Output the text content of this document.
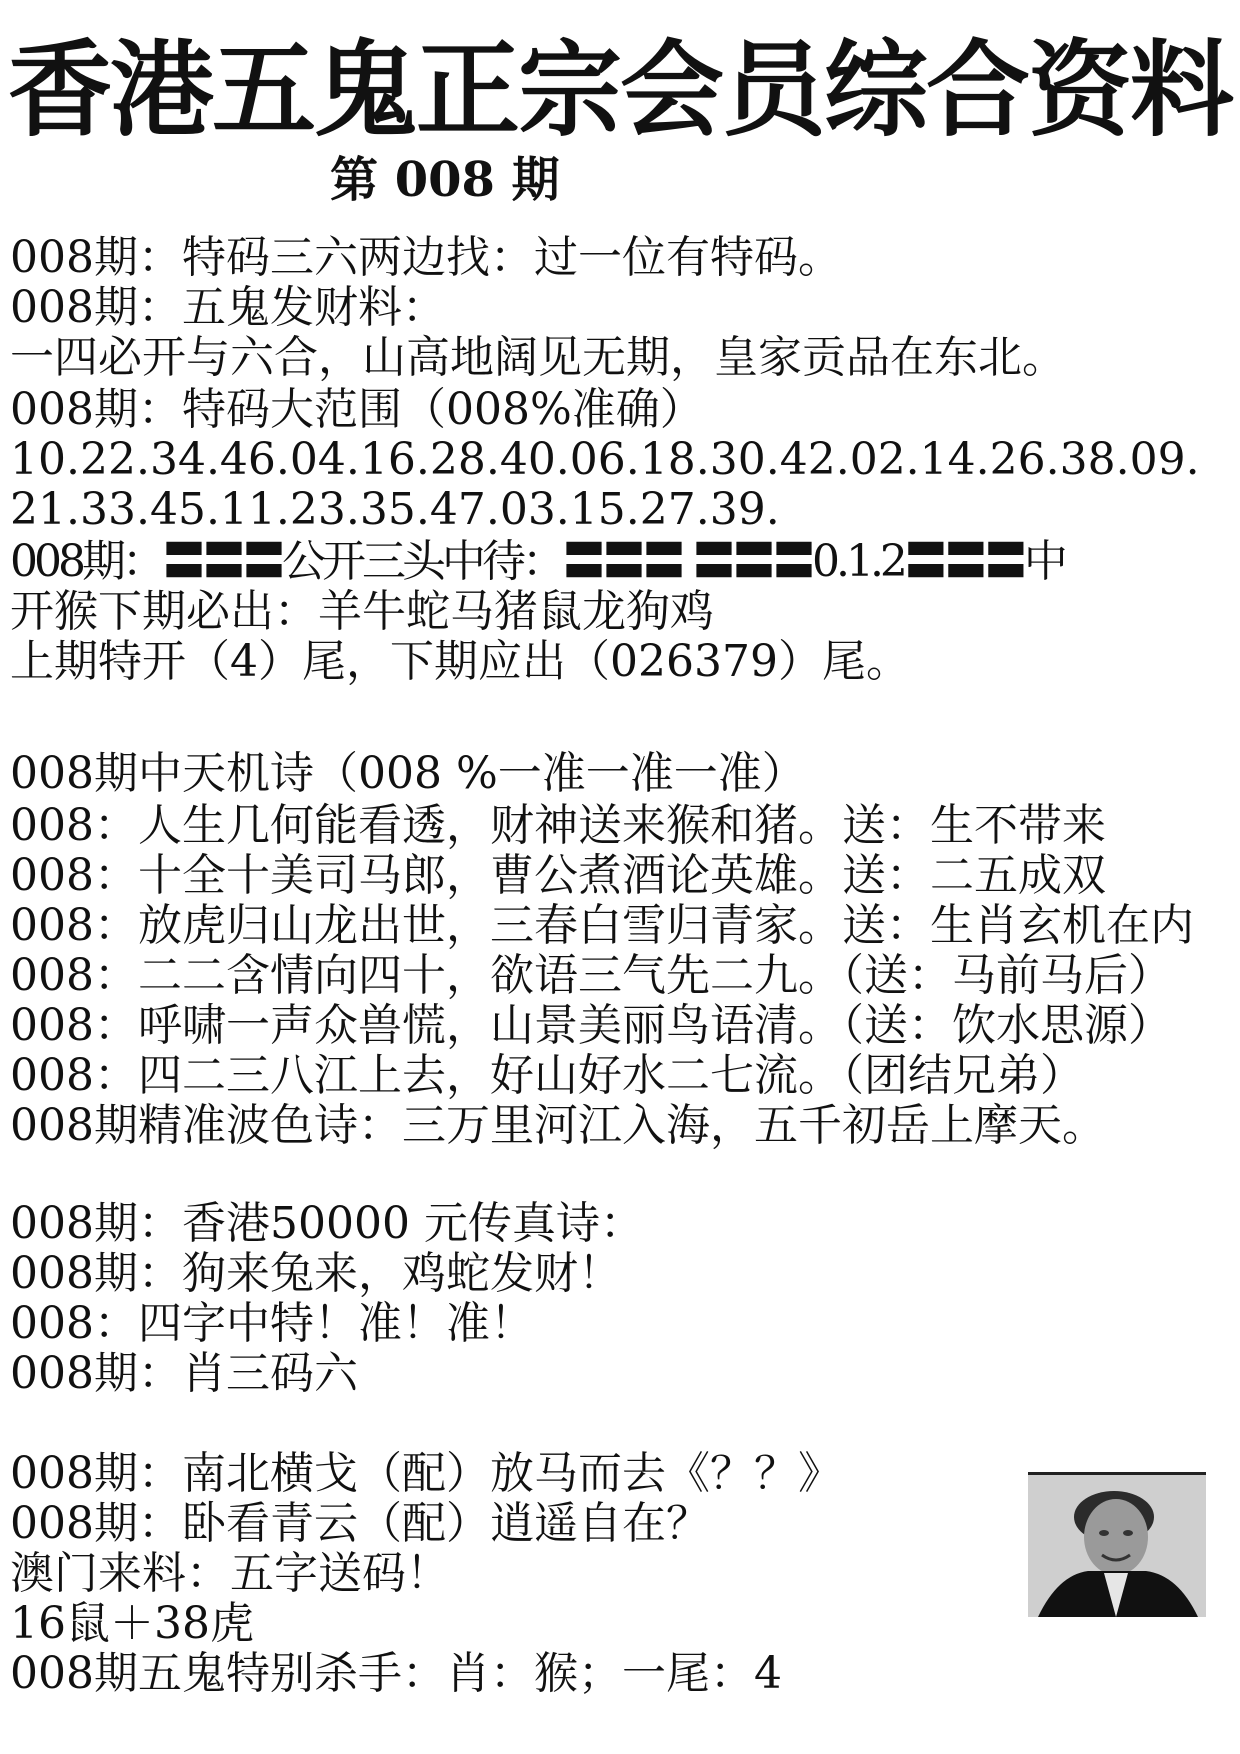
香港五鬼正宗会员综合资料
第 008 期
008期：特码三六两边找：过一位有特码。
008期：五鬼发财料：
一四必开与六合，山高地阔见无期，皇家贡品在东北。
008期：特码大范围（008%准确）
10.22.34.46.04.16.28.40.06.18.30.42.02.14.26.38.09.
21.33.45.11.23.35.47.03.15.27.39.
008期：〓〓〓公开三头中待：〓〓〓 〓〓〓0.1.2〓〓〓中
开猴下期必出：羊牛蛇马猪鼠龙狗鸡
上期特开（4）尾，下期应出（026379）尾。
008期中天机诗（008 %一准一准一准）
008：人生几何能看透，财神送来猴和猪。送：生不带来
008：十全十美司马郎，曹公煮酒论英雄。送：二五成双
008：放虎归山龙出世，三春白雪归青家。送：生肖玄机在内
008：二二含情向四十，欲语三气先二九。（送：马前马后）
008：呼啸一声众兽慌，山景美丽鸟语清。（送：饮水思源）
008：四二三八江上去，好山好水二七流。（团结兄弟）
008期精准波色诗：三万里河江入海，五千初岳上摩天。
008期：香港50000 元传真诗：
008期：狗来兔来，鸡蛇发财！
008：四字中特！准！准！
008期：肖三码六
008期：南北横戈（配）放马而去《？？》
008期：卧看青云（配）逍遥自在？
澳门来料：五字送码！
16鼠＋38虎
008期五鬼特别杀手：肖：猴；一尾：4
